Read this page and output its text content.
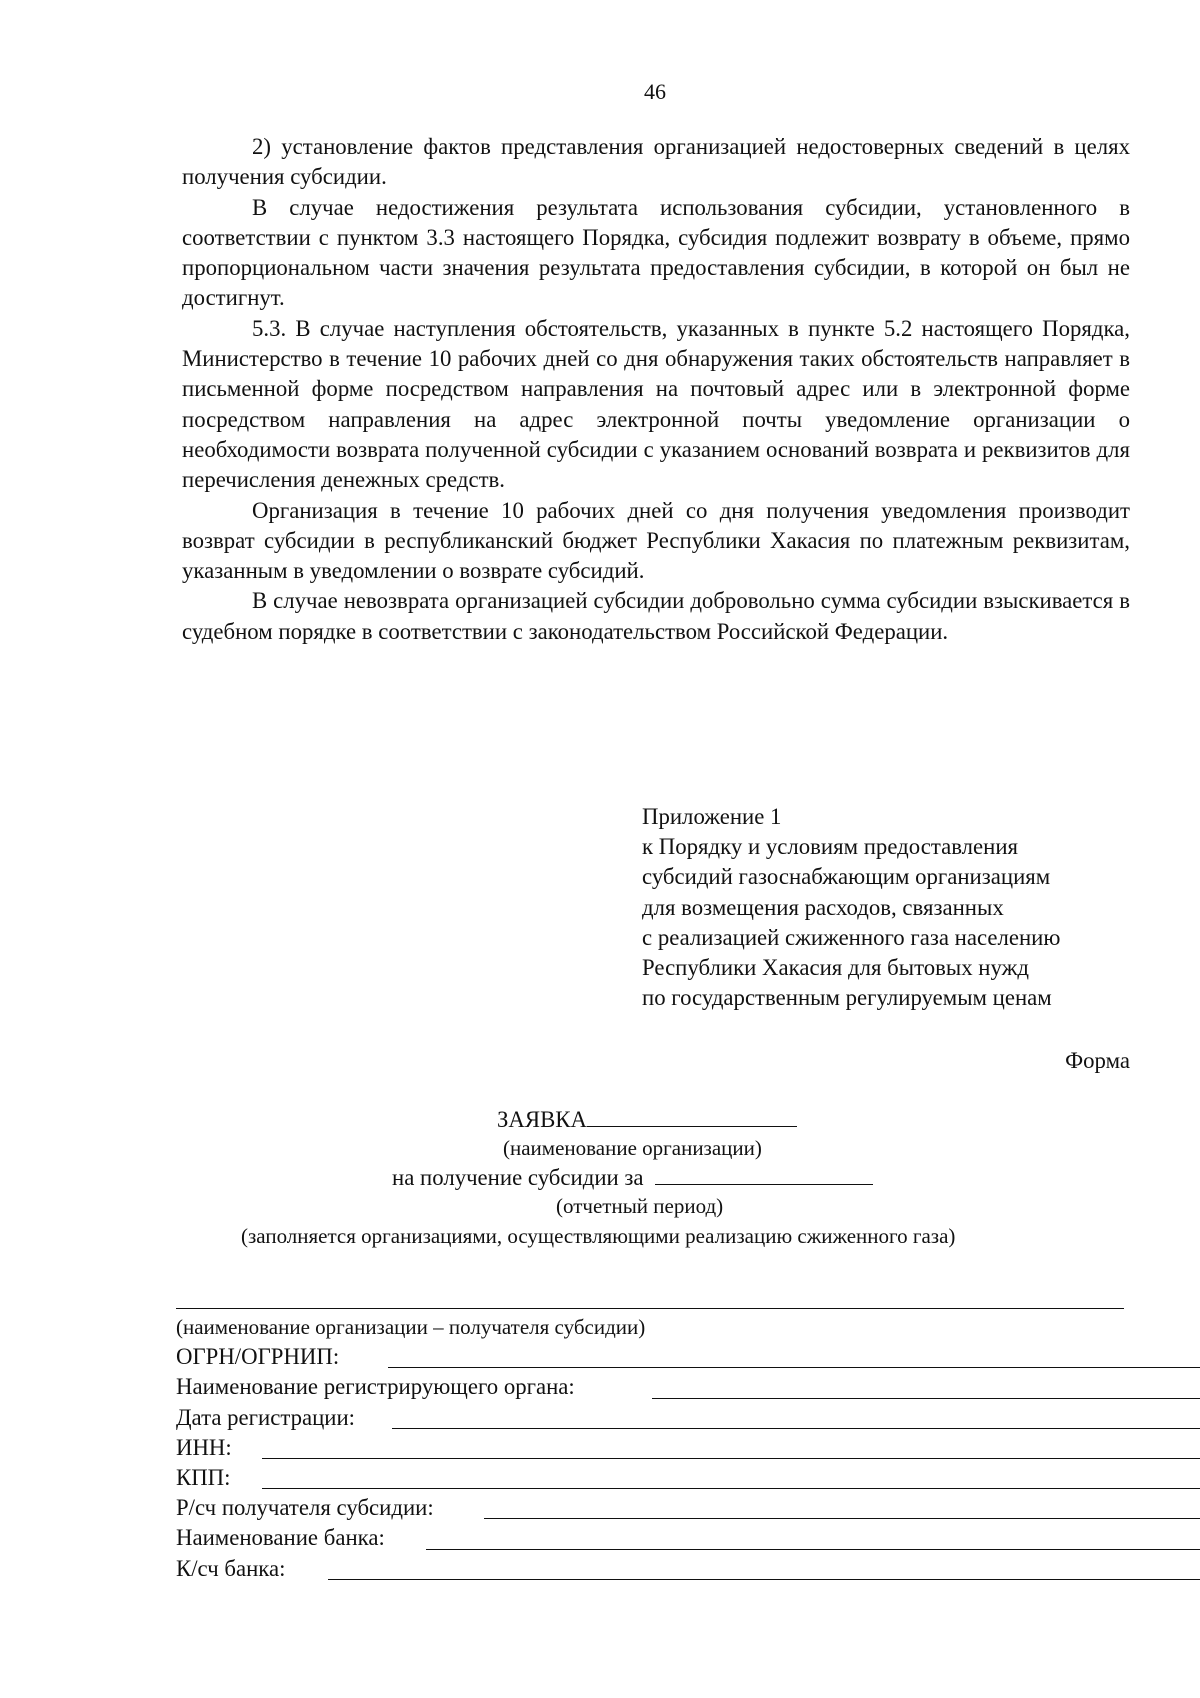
46

2) установление фактов представления организацией недостоверных сведений в целях получения субсидии.

В случае недостижения результата использования субсидии, установленного в соответствии с пунктом 3.3 настоящего Порядка, субсидия подлежит возврату в объеме, прямо пропорциональном части значения результата предоставления субсидии, в которой он был не достигнут.

5.3. В случае наступления обстоятельств, указанных в пункте 5.2 настоящего Порядка, Министерство в течение 10 рабочих дней со дня обнаружения таких обстоятельств направляет в письменной форме посредством направления на почтовый адрес или в электронной форме посредством направления на адрес электронной почты уведомление организации о необходимости возврата полученной субсидии с указанием оснований возврата и реквизитов для перечисления денежных средств.

Организация в течение 10 рабочих дней со дня получения уведомления производит возврат субсидии в республиканский бюджет Республики Хакасия по платежным реквизитам, указанным в уведомлении о возврате субсидий.

В случае невозврата организацией субсидии добровольно сумма субсидии взыскивается в судебном порядке в соответствии с законодательством Российской Федерации.

Приложение 1
к Порядку и условиям предоставления
субсидий газоснабжающим организациям
для возмещения расходов, связанных
с реализацией сжиженного газа населению
Республики Хакасия для бытовых нужд
по государственным регулируемым ценам
Форма
ЗАЯВКА
(наименование организации)
на получение субсидии за
(отчетный период)
(заполняется организациями, осуществляющими реализацию сжиженного газа)
(наименование организации – получателя субсидии)
ОГРН/ОГРНИП:
Наименование регистрирующего органа:
Дата регистрации:
ИНН:
КПП:
Р/сч получателя субсидии:
Наименование банка:
К/сч банка:
